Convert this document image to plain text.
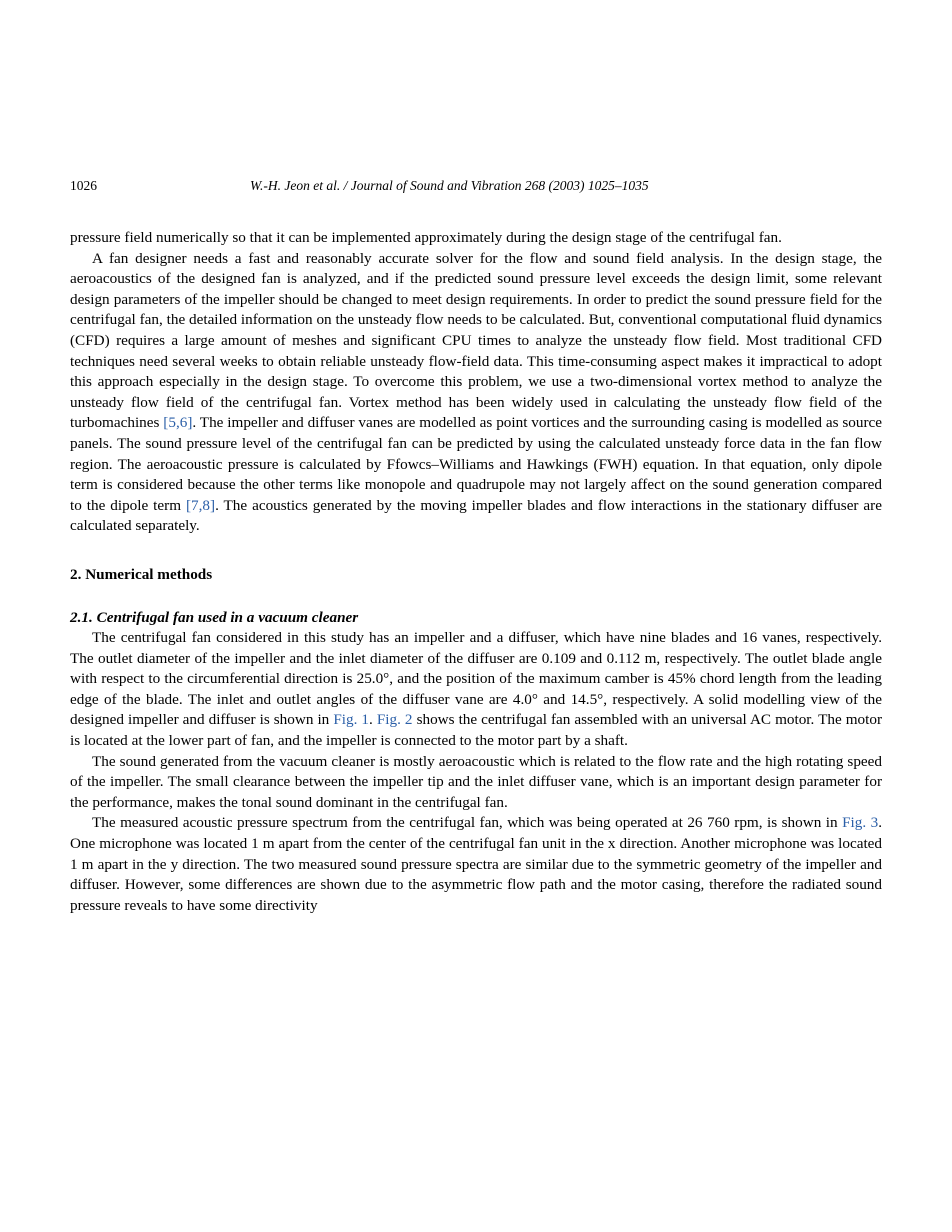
1026	W.-H. Jeon et al. / Journal of Sound and Vibration 268 (2003) 1025–1035

pressure field numerically so that it can be implemented approximately during the design stage of the centrifugal fan.

A fan designer needs a fast and reasonably accurate solver for the flow and sound field analysis. In the design stage, the aeroacoustics of the designed fan is analyzed, and if the predicted sound pressure level exceeds the design limit, some relevant design parameters of the impeller should be changed to meet design requirements. In order to predict the sound pressure field for the centrifugal fan, the detailed information on the unsteady flow needs to be calculated. But, conventional computational fluid dynamics (CFD) requires a large amount of meshes and significant CPU times to analyze the unsteady flow field. Most traditional CFD techniques need several weeks to obtain reliable unsteady flow-field data. This time-consuming aspect makes it impractical to adopt this approach especially in the design stage. To overcome this problem, we use a two-dimensional vortex method to analyze the unsteady flow field of the centrifugal fan. Vortex method has been widely used in calculating the unsteady flow field of the turbomachines [5,6]. The impeller and diffuser vanes are modelled as point vortices and the surrounding casing is modelled as source panels. The sound pressure level of the centrifugal fan can be predicted by using the calculated unsteady force data in the fan flow region. The aeroacoustic pressure is calculated by Ffowcs–Williams and Hawkings (FWH) equation. In that equation, only dipole term is considered because the other terms like monopole and quadrupole may not largely affect on the sound generation compared to the dipole term [7,8]. The acoustics generated by the moving impeller blades and flow interactions in the stationary diffuser are calculated separately.

2. Numerical methods
2.1. Centrifugal fan used in a vacuum cleaner

The centrifugal fan considered in this study has an impeller and a diffuser, which have nine blades and 16 vanes, respectively. The outlet diameter of the impeller and the inlet diameter of the diffuser are 0.109 and 0.112 m, respectively. The outlet blade angle with respect to the circumferential direction is 25.0°, and the position of the maximum camber is 45% chord length from the leading edge of the blade. The inlet and outlet angles of the diffuser vane are 4.0° and 14.5°, respectively. A solid modelling view of the designed impeller and diffuser is shown in Fig. 1. Fig. 2 shows the centrifugal fan assembled with an universal AC motor. The motor is located at the lower part of fan, and the impeller is connected to the motor part by a shaft.

The sound generated from the vacuum cleaner is mostly aeroacoustic which is related to the flow rate and the high rotating speed of the impeller. The small clearance between the impeller tip and the inlet diffuser vane, which is an important design parameter for the performance, makes the tonal sound dominant in the centrifugal fan.

The measured acoustic pressure spectrum from the centrifugal fan, which was being operated at 26 760 rpm, is shown in Fig. 3. One microphone was located 1 m apart from the center of the centrifugal fan unit in the x direction. Another microphone was located 1 m apart in the y direction. The two measured sound pressure spectra are similar due to the symmetric geometry of the impeller and diffuser. However, some differences are shown due to the asymmetric flow path and the motor casing, therefore the radiated sound pressure reveals to have some directivity
